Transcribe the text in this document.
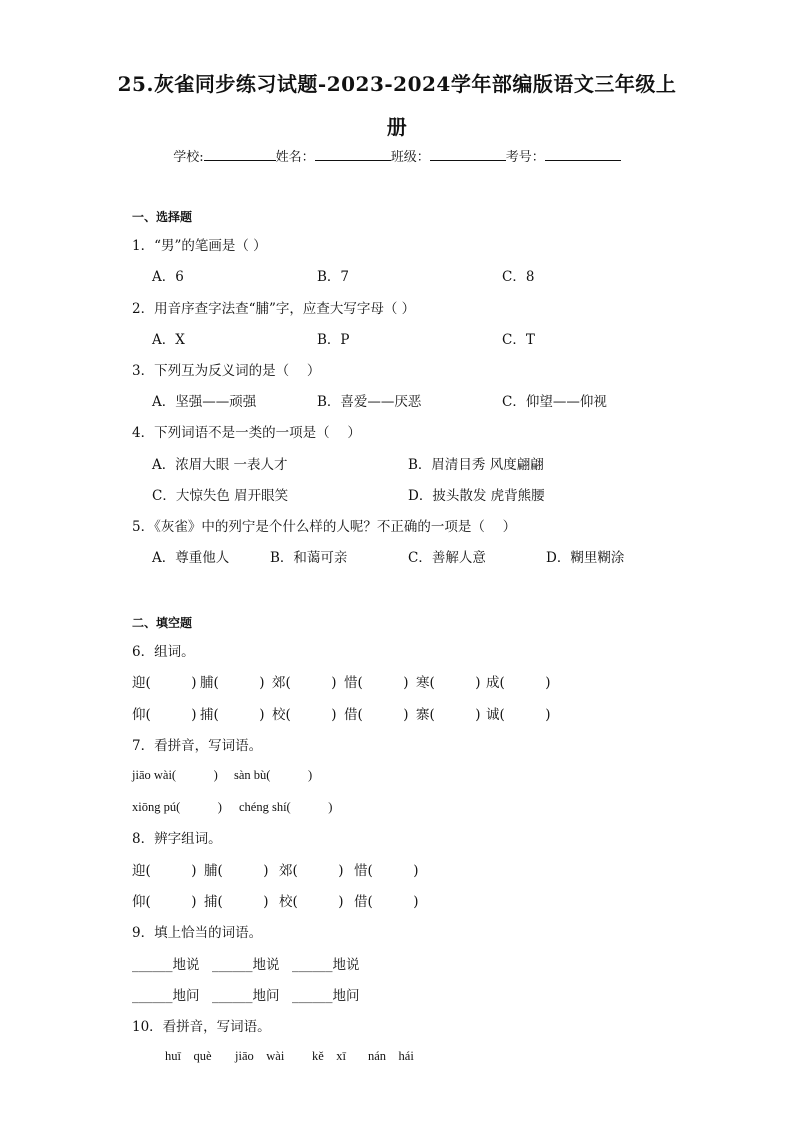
25.灰雀同步练习试题-2023-2024学年部编版语文三年级上
册
学校:	姓名：	班级：	考号：
一、选择题
1．“男”的笔画是（ ）
A．6	B．7	C．8
2．用音序查字法查“脯”字，应查大写字母（ ）
A．X	B．P	C．T
3．下列互为反义词的是（　 ）
A．坚强——顽强	B．喜爱——厌恶	C．仰望——仰视
4．下列词语不是一类的一项是（　 ）
A．浓眉大眼 一表人才	B．眉清目秀 风度翩翩
C．大惊失色 眉开眼笑	D．披头散发 虎背熊腰
5．《灰雀》中的列宁是个什么样的人呢？不正确的一项是（　 ）
A．尊重他人	B．和蔼可亲	C．善解人意	D．糊里糊涂
二、填空题
6．组词。
迎(　　　) 脯(　　　) 郊(　　　) 惜(　　　) 寒(　　　) 成(　　　)
仰(　　　) 捕(　　　) 校(　　　) 借(　　　) 寨(　　　) 诚(　　　)
7．看拼音，写词语。
jiāo wài(　　　) sàn bù(　　　)
xiōng pú(　　　) chéng shí(　　　)
8．辨字组词。
迎(　　　) 脯(　　　) 郊(　　　) 惜(　　　)
仰(　　　) 捕(　　　) 校(　　　) 借(　　　)
9．填上恰当的词语。
______地说 ______地说 ______地说
______地问 ______地问 ______地问
10．看拼音，写词语。
huī　què jiāo　wài kě　xī nán　hái
